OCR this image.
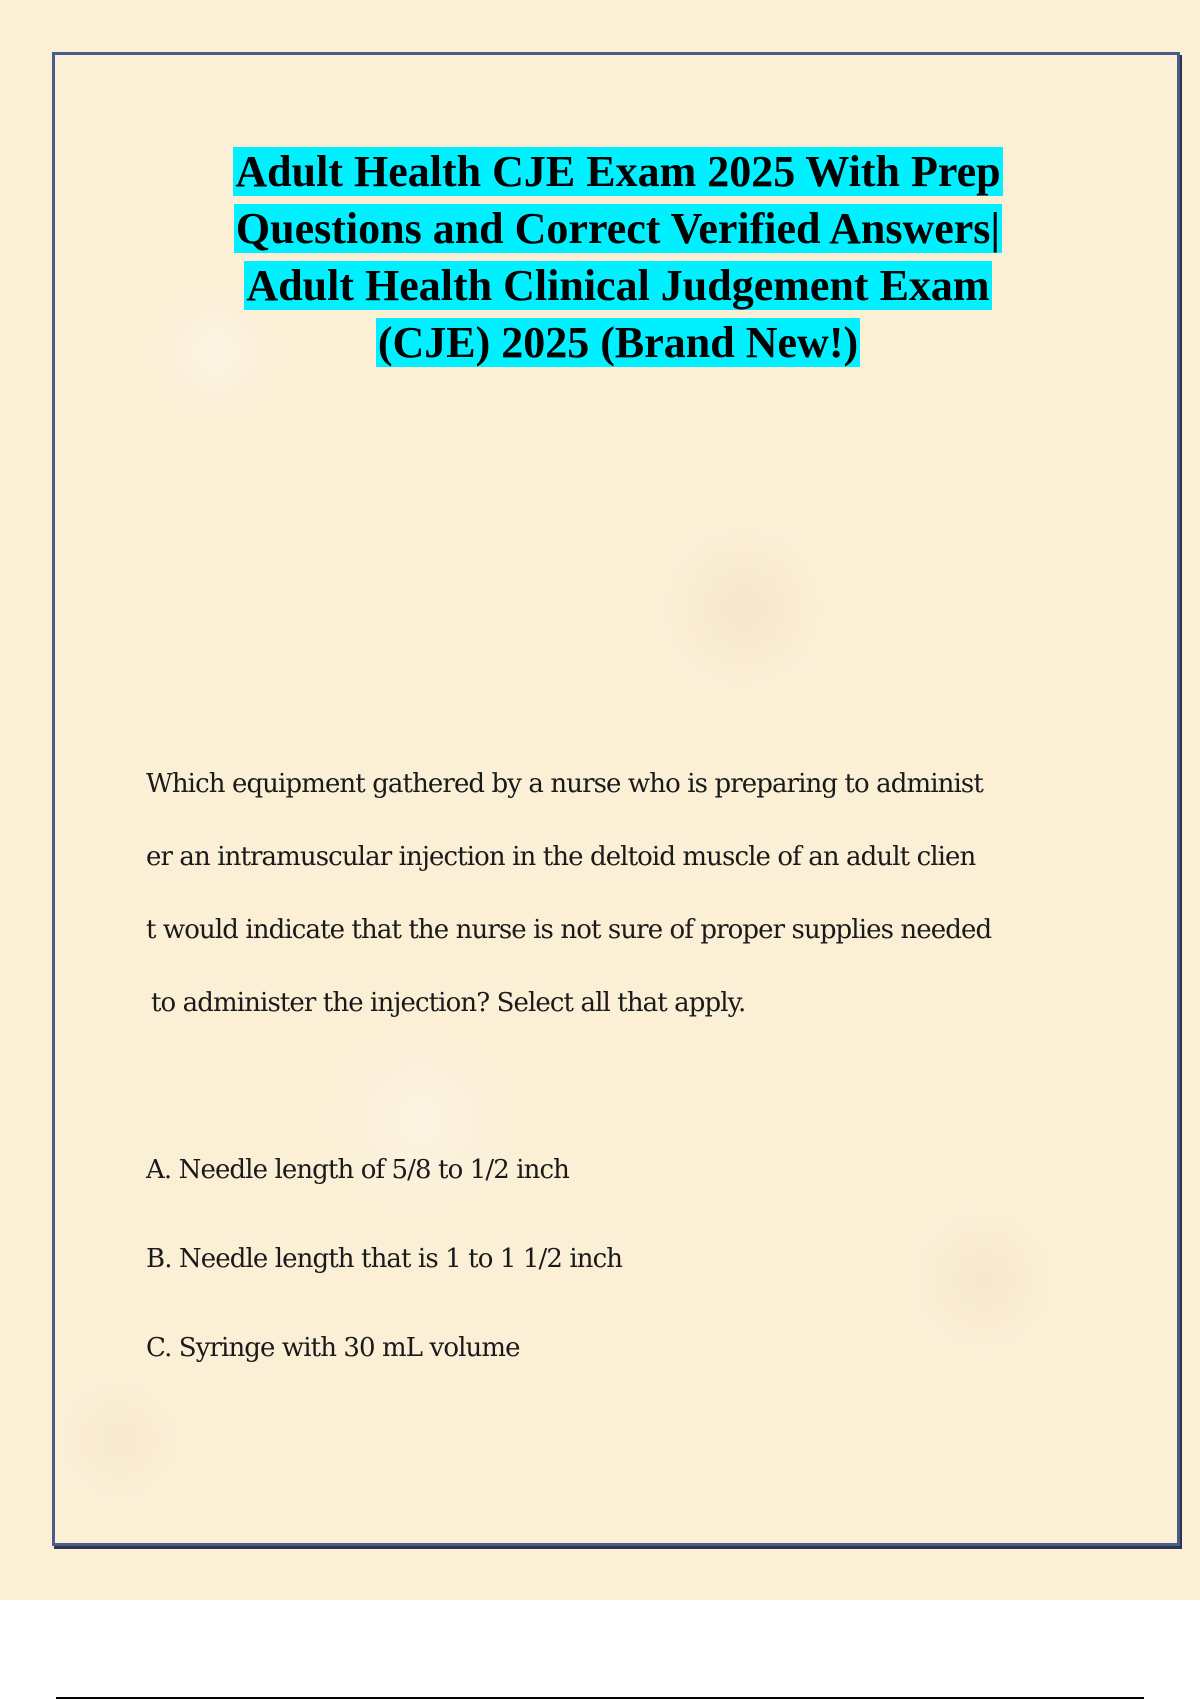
Adult Health CJE Exam 2025 With Prep
Questions and Correct Verified Answers|
Adult Health Clinical Judgement Exam
(CJE) 2025 (Brand New!)

Which equipment gathered by a nurse who is preparing to administ
er an intramuscular injection in the deltoid muscle of an adult clien
t would indicate that the nurse is not sure of proper supplies needed
to administer the injection? Select all that apply.

A. Needle length of 5/8 to 1/2 inch

B. Needle length that is 1 to 1 1/2 inch

C. Syringe with 30 mL volume
